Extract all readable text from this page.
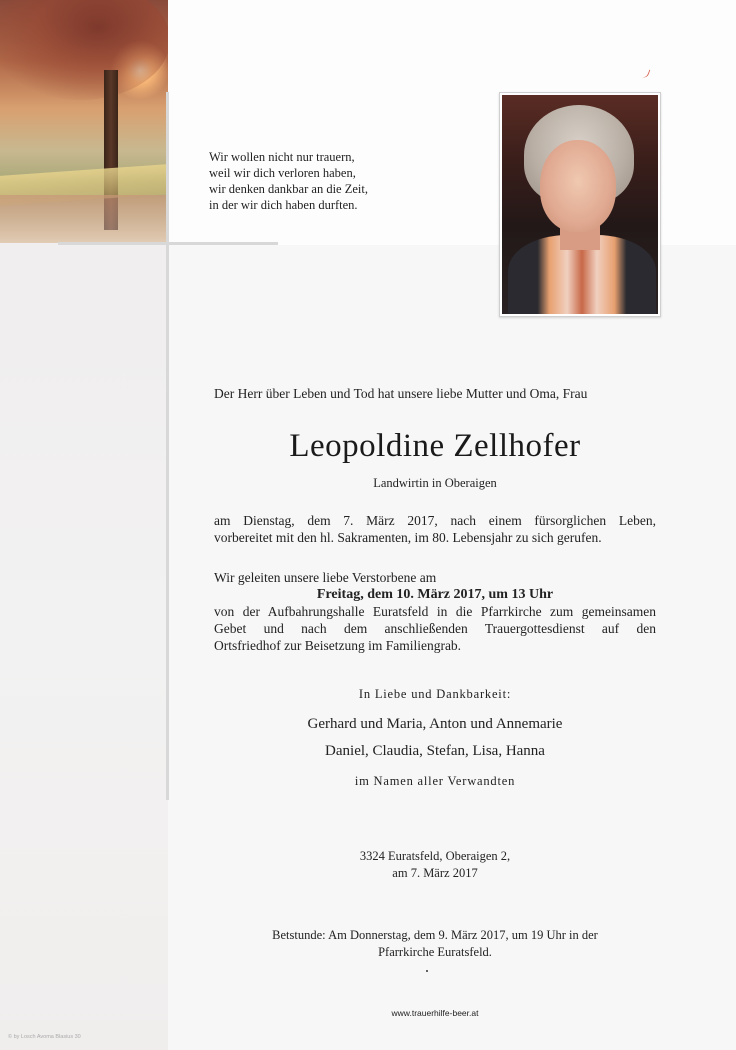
Wir wollen nicht nur trauern,
weil wir dich verloren haben,
wir denken dankbar an die Zeit,
in der wir dich haben durften.
Der Herr über Leben und Tod hat unsere liebe Mutter und Oma, Frau
Leopoldine Zellhofer
Landwirtin in Oberaigen
am Dienstag, dem 7. März 2017, nach einem fürsorglichen Leben,
vorbereitet mit den hl. Sakramenten, im 80. Lebensjahr zu sich gerufen.
Wir geleiten unsere liebe Verstorbene am
Freitag, dem 10. März 2017, um 13 Uhr
von der Aufbahrungshalle Euratsfeld in die Pfarrkirche zum gemeinsamen
Gebet und nach dem anschließenden Trauergottesdienst auf den
Ortsfriedhof zur Beisetzung im Familiengrab.
In Liebe und Dankbarkeit:
Gerhard und Maria, Anton und Annemarie
Daniel, Claudia, Stefan, Lisa, Hanna
im Namen aller Verwandten
3324 Euratsfeld, Oberaigen 2,
am 7. März 2017
Betstunde: Am Donnerstag, dem 9. März 2017, um 19 Uhr in der
Pfarrkirche Euratsfeld.
www.trauerhilfe-beer.at
© by Losch Avoma Blasius 30
